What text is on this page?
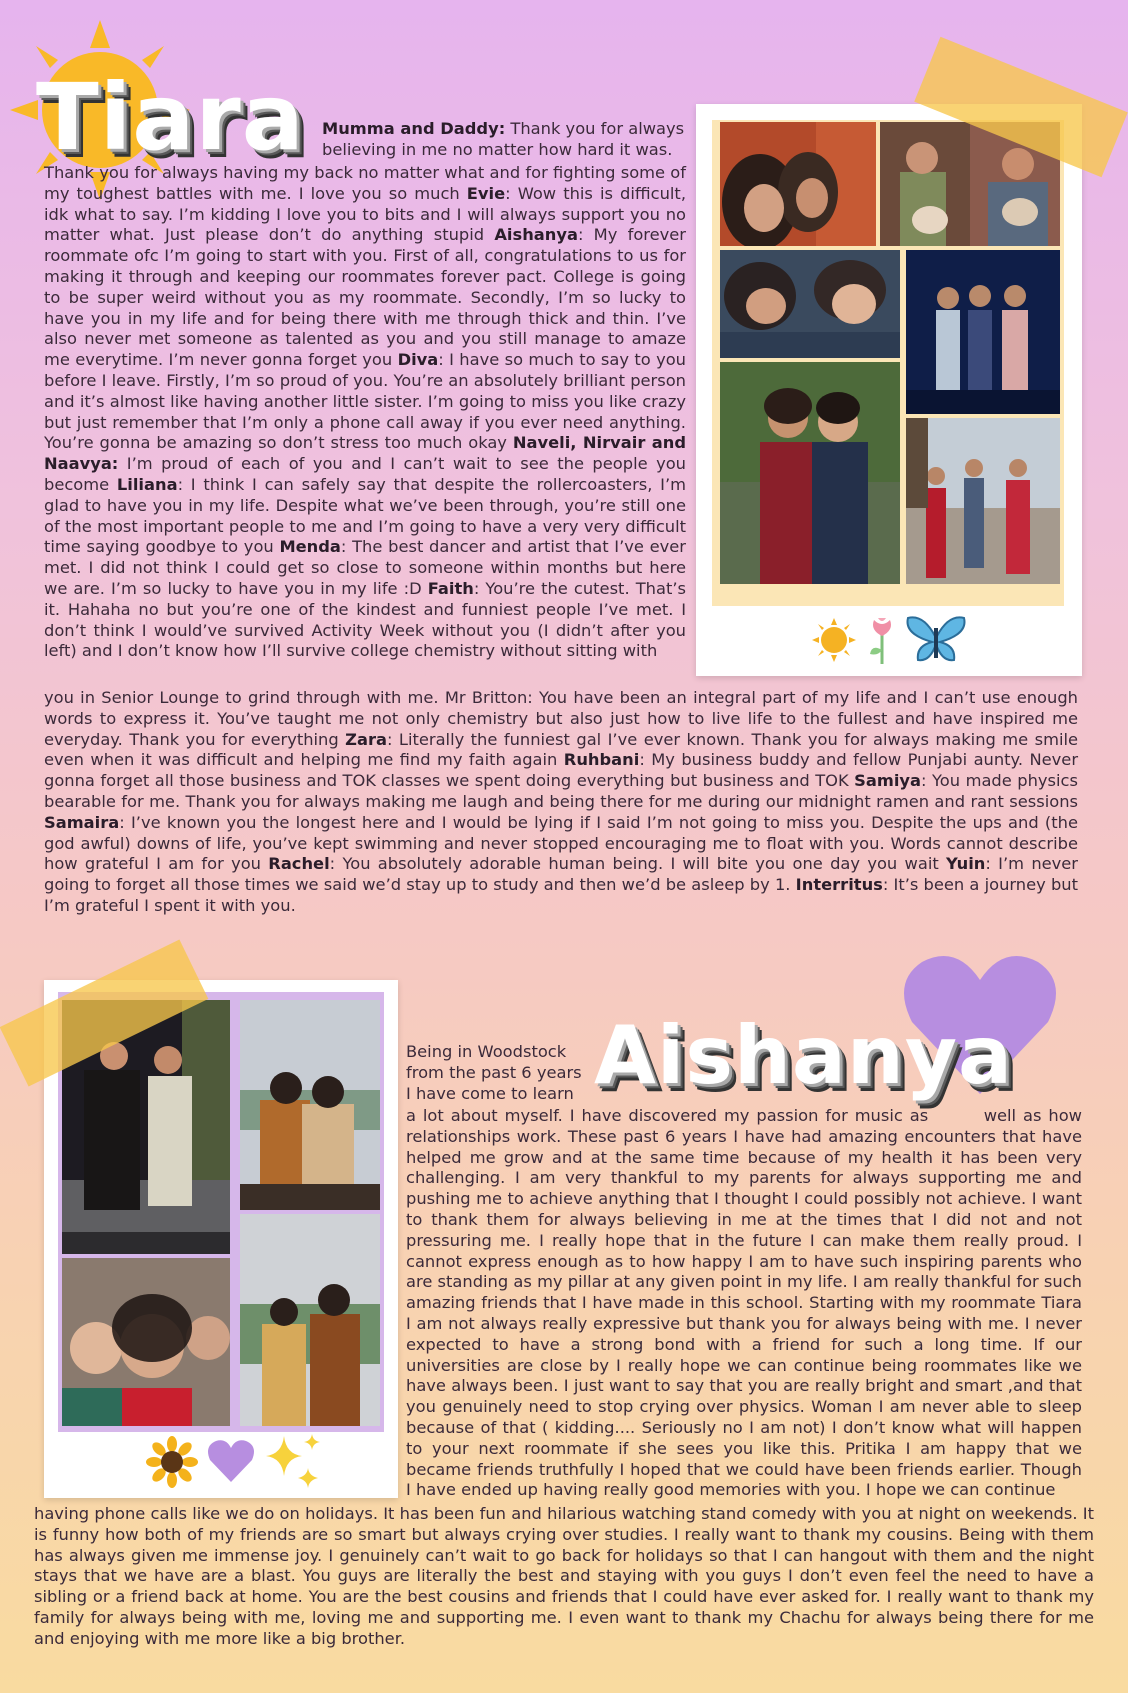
Tiara Mumma and Daddy: Thank you for always believing in me no matter how hard it was.

Thank you for always having my back no matter what and for fighting some of my toughest battles with me. I love you so much Evie: Wow this is difficult, idk what to say. I’m kidding I love you to bits and I will always support you no matter what. Just please don’t do anything stupid Aishanya: My forever roommate ofc I’m going to start with you. First of all, congratulations to us for making it through and keeping our roommates forever pact. College is going to be super weird without you as my roommate. Secondly, I’m so lucky to have you in my life and for being there with me through thick and thin. I’ve also never met someone as talented as you and you still manage to amaze me everytime. I’m never gonna forget you Diva: I have so much to say to you before I leave. Firstly, I’m so proud of you. You’re an absolutely brilliant person and it’s almost like having another little sister. I’m going to miss you like crazy but just remember that I’m only a phone call away if you ever need anything. You’re gonna be amazing so don’t stress too much okay Naveli, Nirvair and Naavya: I’m proud of each of you and I can’t wait to see the people you become Liliana: I think I can safely say that despite the rollercoasters, I’m glad to have you in my life. Despite what we’ve been through, you’re still one of the most important people to me and I’m going to have a very very difficult time saying goodbye to you Menda: The best dancer and artist that I’ve ever met. I did not think I could get so close to someone within months but here we are. I’m so lucky to have you in my life :D Faith: You’re the cutest. That’s it. Hahaha no but you’re one of the kindest and funniest people I’ve met. I don’t think I would’ve survived Activity Week without you (I didn’t after you left) and I don’t know how I’ll survive college chemistry without sitting with

you in Senior Lounge to grind through with me. Mr Britton: You have been an integral part of my life and I can’t use enough words to express it. You’ve taught me not only chemistry but also just how to live life to the fullest and have inspired me everyday. Thank you for everything Zara: Literally the funniest gal I’ve ever known. Thank you for always making me smile even when it was difficult and helping me find my faith again Ruhbani: My business buddy and fellow Punjabi aunty. Never gonna forget all those business and TOK classes we spent doing everything but business and TOK Samiya: You made physics bearable for me. Thank you for always making me laugh and being there for me during our midnight ramen and rant sessions Samaira: I’ve known you the longest here and I would be lying if I said I’m not going to miss you. Despite the ups and (the god awful) downs of life, you’ve kept swimming and never stopped encouraging me to float with you. Words cannot describe how grateful I am for you Rachel: You absolutely adorable human being. I will bite you one day you wait Yuin: I’m never going to forget all those times we said we’d stay up to study and then we’d be asleep by 1. Interritus: It’s been a journey but I’m grateful I spent it with you.

Aishanya
Being in Woodstock
from the past 6 years
I have come to learn

a lot about myself. I have discovered my passion for music as        well as how relationships work. These past 6 years I have had amazing encounters that have helped me grow and at the same time because of my health it has been very challenging. I am very thankful to my parents for always supporting me and pushing me to achieve anything that I thought I could possibly not achieve. I want to thank them for always believing in me at the times that I did not and not pressuring me. I really hope that in the future I can make them really proud. I cannot express enough as to how happy I am to have such inspiring parents who are standing as my pillar at any given point in my life. I am really thankful for such amazing friends that I have made in this school. Starting with my roommate Tiara I am not always really expressive but thank you for always being with me. I never expected to have a strong bond with a friend for such a long time. If our universities are close by I really hope we can continue being roommates like we have always been. I just want to say that you are really bright and smart ,and that you genuinely need to stop crying over physics. Woman I am never able to sleep because of that ( kidding.... Seriously no I am not) I don’t know what will happen to your next roommate if she sees you like this. Pritika I am happy that we became friends truthfully I hoped that we could have been friends earlier. Though I have ended up having really good memories with you. I hope we can continue

having phone calls like we do on holidays. It has been fun and hilarious watching stand comedy with you at night on weekends. It is funny how both of my friends are so smart but always crying over studies. I really want to thank my cousins. Being with them has always given me immense joy. I genuinely can’t wait to go back for holidays so that I can hangout with them and the night stays that we have are a blast. You guys are literally the best and staying with you guys I don’t even feel the need to have a sibling or a friend back at home. You are the best cousins and friends that I could have ever asked for. I really want to thank my family for always being with me, loving me and supporting me. I even want to thank my Chachu for always being there for me and enjoying with me more like a big brother.
